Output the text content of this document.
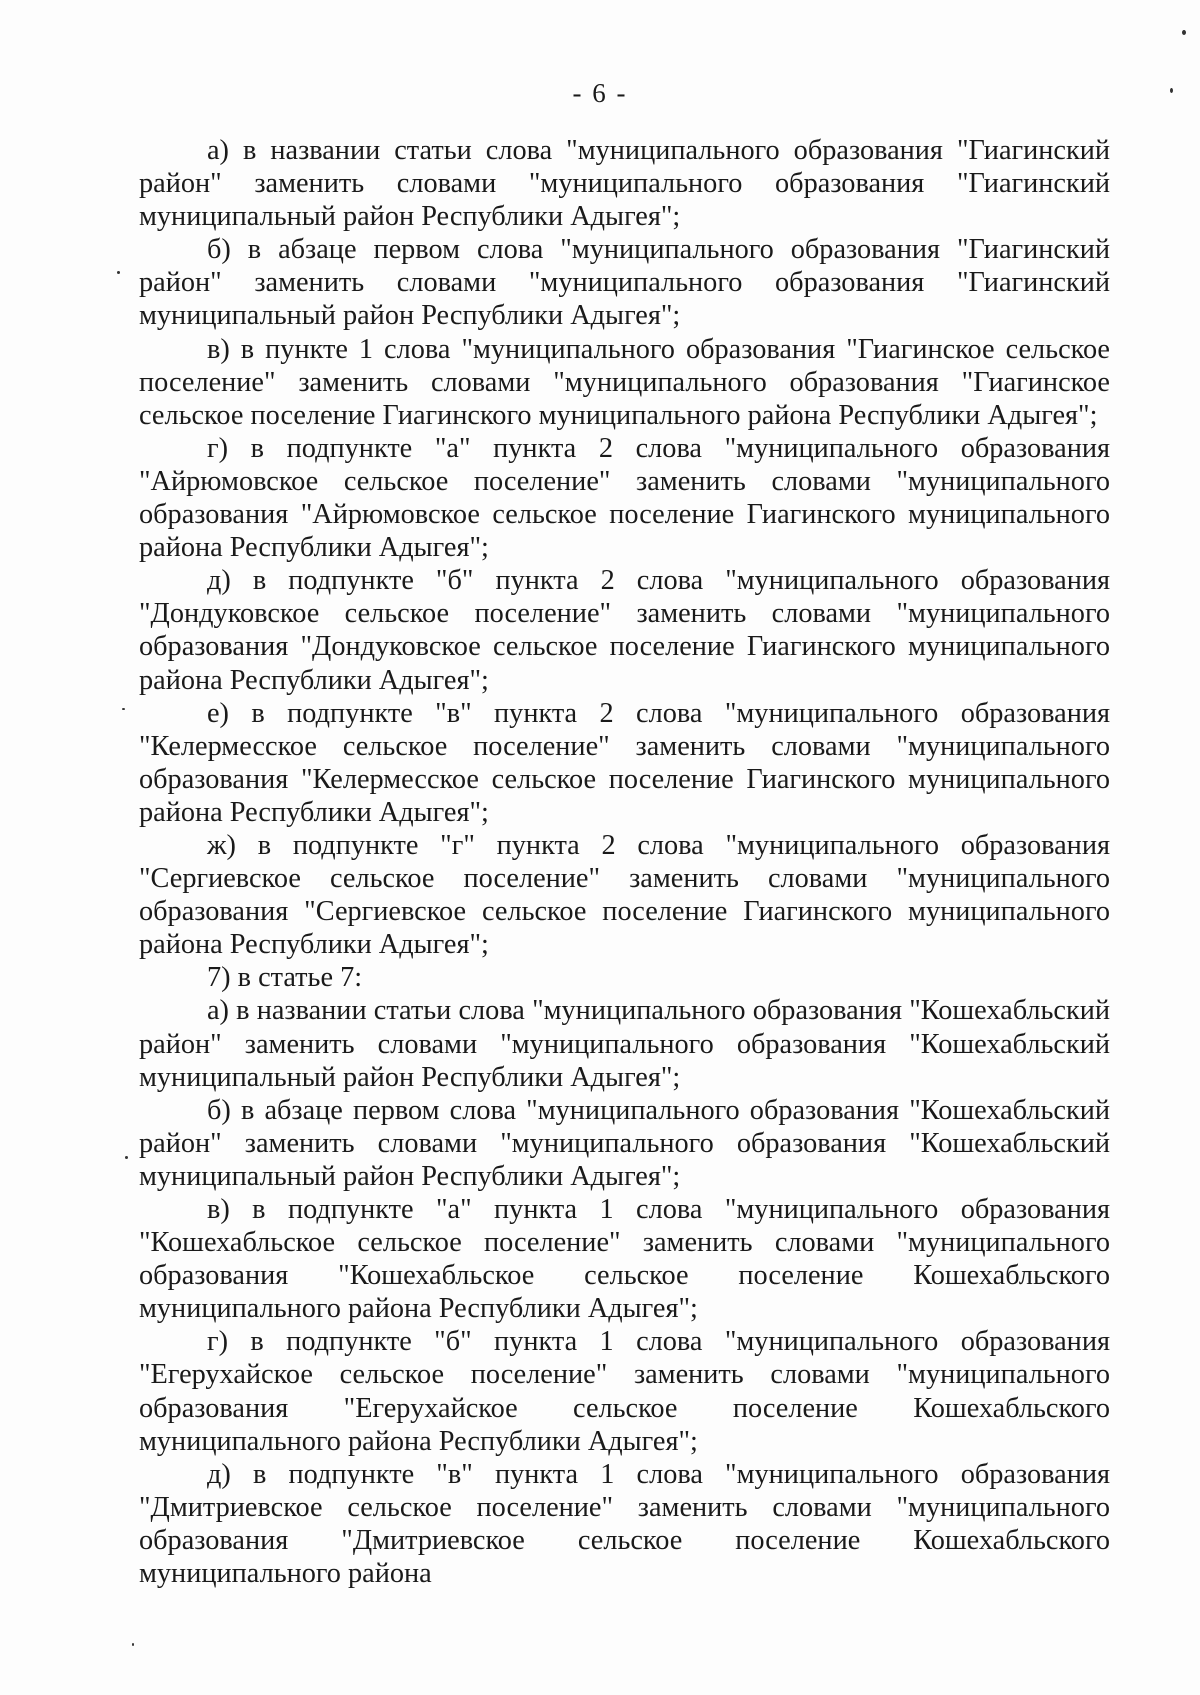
- 6 -

а) в названии статьи слова "муниципального образования "Гиагинский район" заменить словами "муниципального образования "Гиагинский муниципальный район Республики Адыгея";

б) в абзаце первом слова "муниципального образования "Гиагинский район" заменить словами "муниципального образования "Гиагинский муниципальный район Республики Адыгея";

в) в пункте 1 слова "муниципального образования "Гиагинское сельское поселение" заменить словами "муниципального образования "Гиагинское сельское поселение Гиагинского муниципального района Республики Адыгея";

г) в подпункте "а" пункта 2 слова "муниципального образования "Айрюмовское сельское поселение" заменить словами "муниципального образования "Айрюмовское сельское поселение Гиагинского муниципального района Республики Адыгея";

д) в подпункте "б" пункта 2 слова "муниципального образования "Дондуковское сельское поселение" заменить словами "муниципального образования "Дондуковское сельское поселение Гиагинского муниципального района Республики Адыгея";

е) в подпункте "в" пункта 2 слова "муниципального образования "Келермесское сельское поселение" заменить словами "муниципального образования "Келермесское сельское поселение Гиагинского муниципального района Республики Адыгея";

ж) в подпункте "г" пункта 2 слова "муниципального образования "Сергиевское сельское поселение" заменить словами "муниципального образования "Сергиевское сельское поселение Гиагинского муниципального района Республики Адыгея";

7) в статье 7:

а) в названии статьи слова "муниципального образования "Кошехабльский район" заменить словами "муниципального образования "Кошехабльский муниципальный район Республики Адыгея";

б) в абзаце первом слова "муниципального образования "Кошехабльский район" заменить словами "муниципального образования "Кошехабльский муниципальный район Республики Адыгея";

в) в подпункте "а" пункта 1 слова "муниципального образования "Кошехабльское сельское поселение" заменить словами "муниципального образования "Кошехабльское сельское поселение Кошехабльского муниципального района Республики Адыгея";

г) в подпункте "б" пункта 1 слова "муниципального образования "Егерухайское сельское поселение" заменить словами "муниципального образования "Егерухайское сельское поселение Кошехабльского муниципального района Республики Адыгея";

д) в подпункте "в" пункта 1 слова "муниципального образования "Дмитриевское сельское поселение" заменить словами "муниципального образования "Дмитриевское сельское поселение Кошехабльского муниципального района
